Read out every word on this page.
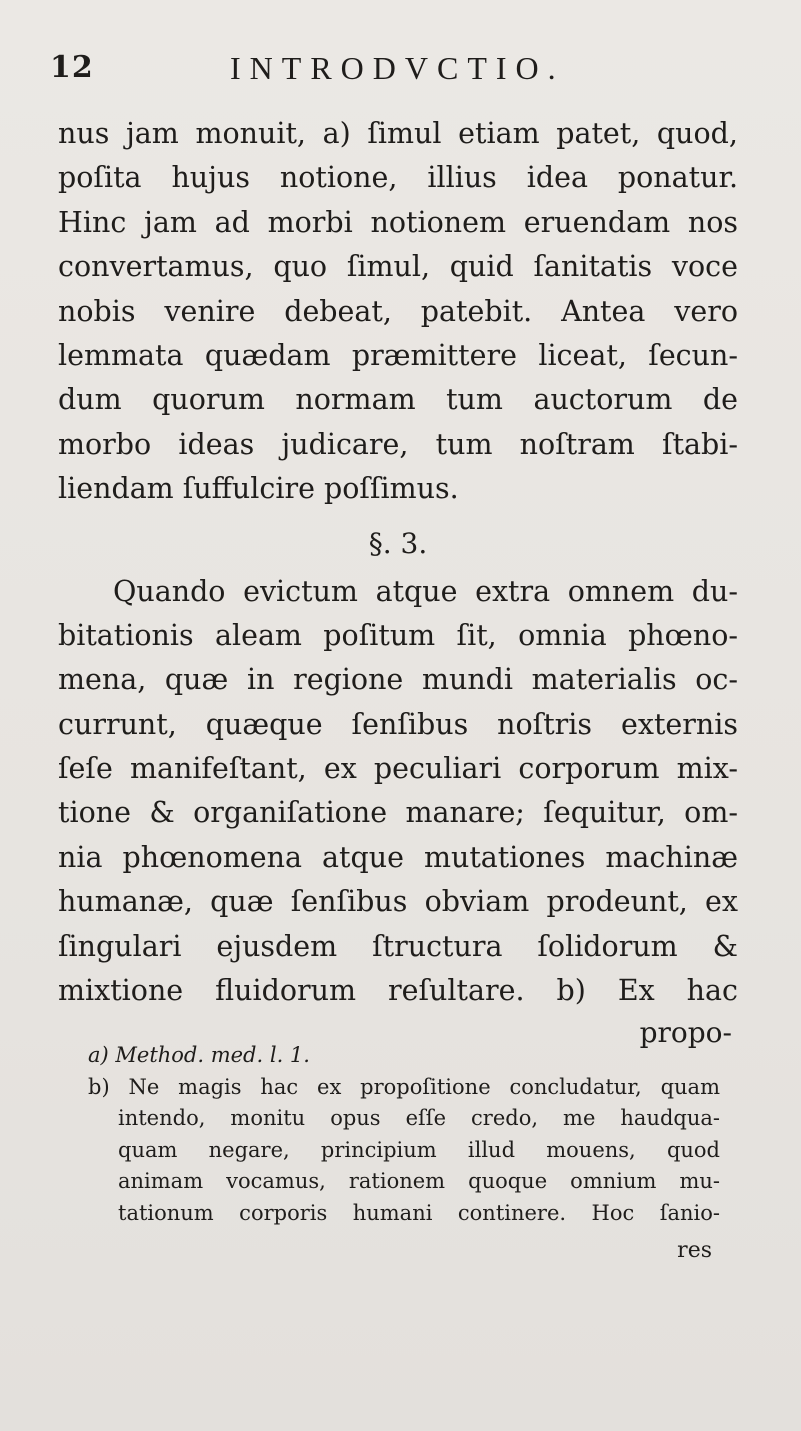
12	INTRODVCTIO.
nus jam monuit, a) ſimul etiam patet, quod,
poſita hujus notione, illius idea ponatur.
Hinc jam ad morbi notionem eruendam nos
convertamus, quo ſimul, quid ſanitatis voce
nobis venire debeat, patebit. Antea vero
lemmata quædam præmittere liceat, ſecun-
dum quorum normam tum auctorum de
morbo ideas judicare, tum noſtram ſtabi-
liendam ſuffulcire poſſimus.
§. 3.
Quando evictum atque extra omnem du-
bitationis aleam poſitum ſit, omnia phœno-
mena, quæ in regione mundi materialis oc-
currunt, quæque ſenſibus noſtris externis
ſeſe manifeſtant, ex peculiari corporum mix-
tione & organiſatione manare; ſequitur, om-
nia phœnomena atque mutationes machinæ
humanæ, quæ ſenſibus obviam prodeunt, ex
ſingulari ejusdem ſtructura ſolidorum &
mixtione fluidorum reſultare. b) Ex hac
propo-
a) Method. med. l. 1.
b) Ne magis hac ex propoſitione concludatur, quam
intendo, monitu opus eſſe credo, me haudqua-
quam negare, principium illud mouens, quod
animam vocamus, rationem quoque omnium mu-
tationum corporis humani continere. Hoc ſanio-
res
